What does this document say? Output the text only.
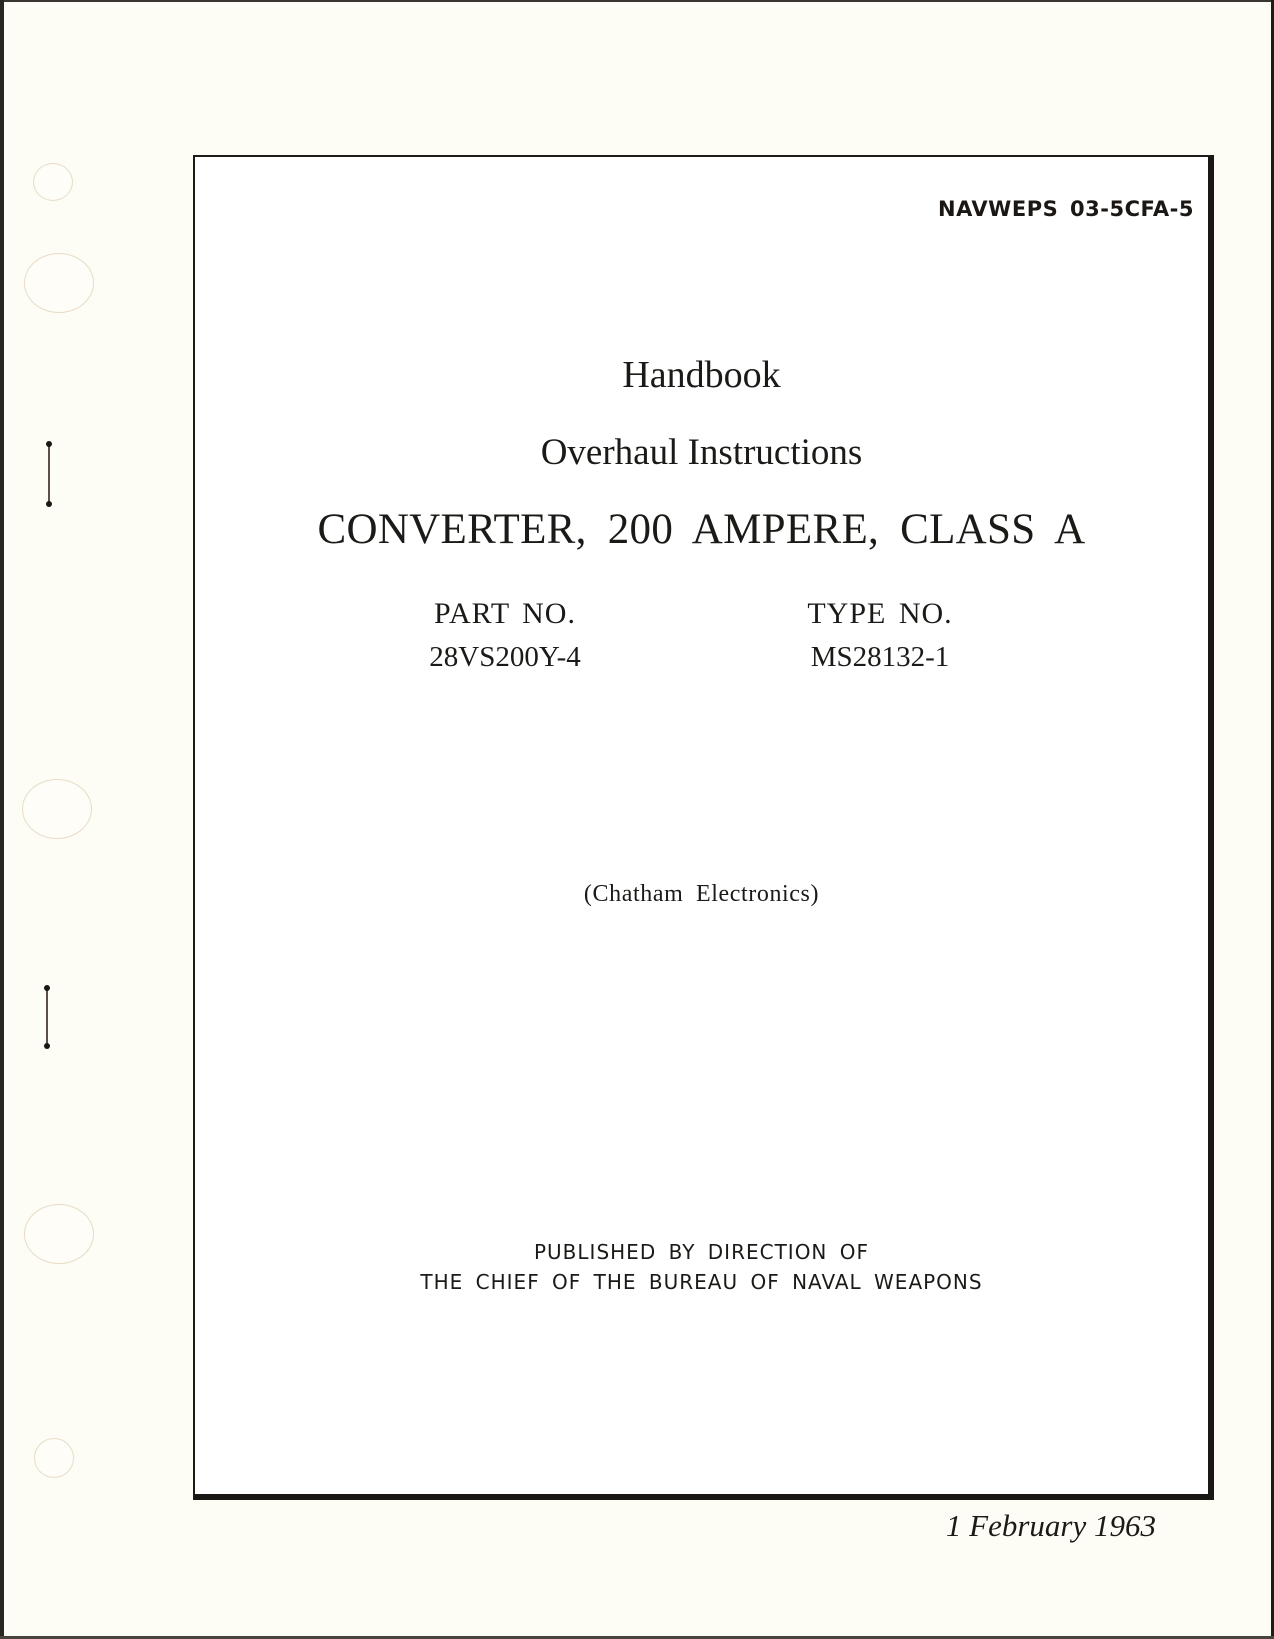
NAVWEPS 03-5CFA-5
Handbook
Overhaul Instructions
CONVERTER, 200 AMPERE, CLASS A
PART NO.
28VS200Y-4
TYPE NO.
MS28132-1
(Chatham Electronics)
PUBLISHED BY DIRECTION OF
THE CHIEF OF THE BUREAU OF NAVAL WEAPONS
1 February 1963
